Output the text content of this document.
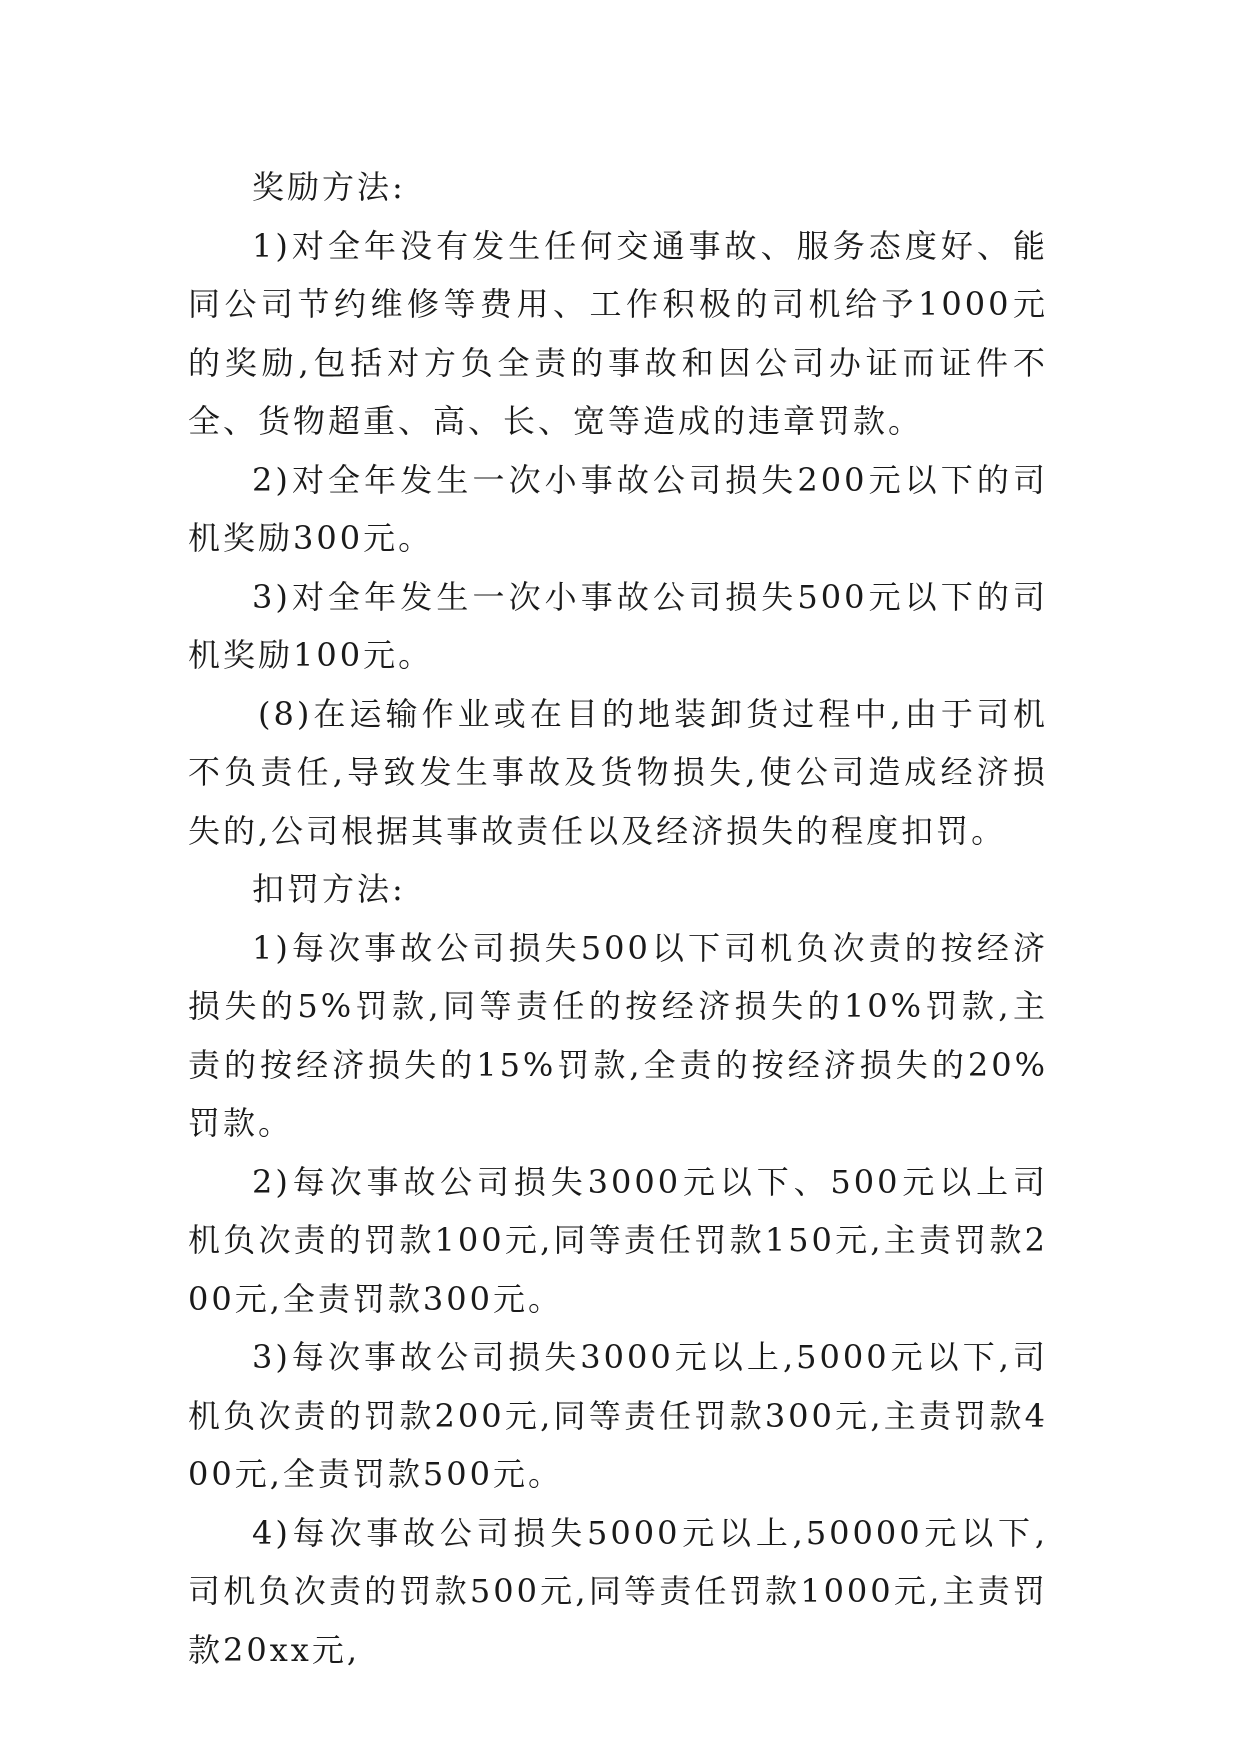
奖励方法:

1)对全年没有发生任何交通事故、服务态度好、能同公司节约维修等费用、工作积极的司机给予1000元的奖励,包括对方负全责的事故和因公司办证而证件不全、货物超重、高、长、宽等造成的违章罚款。

2)对全年发生一次小事故公司损失200元以下的司机奖励300元。

3)对全年发生一次小事故公司损失500元以下的司机奖励100元。

(8)在运输作业或在目的地装卸货过程中,由于司机不负责任,导致发生事故及货物损失,使公司造成经济损失的,公司根据其事故责任以及经济损失的程度扣罚。

扣罚方法:

1)每次事故公司损失500以下司机负次责的按经济损失的5%罚款,同等责任的按经济损失的10%罚款,主责的按经济损失的15%罚款,全责的按经济损失的20%罚款。

2)每次事故公司损失3000元以下、500元以上司机负次责的罚款100元,同等责任罚款150元,主责罚款200元,全责罚款300元。

3)每次事故公司损失3000元以上,5000元以下,司机负次责的罚款200元,同等责任罚款300元,主责罚款400元,全责罚款500元。

4)每次事故公司损失5000元以上,50000元以下,司机负次责的罚款500元,同等责任罚款1000元,主责罚款20xx元,
